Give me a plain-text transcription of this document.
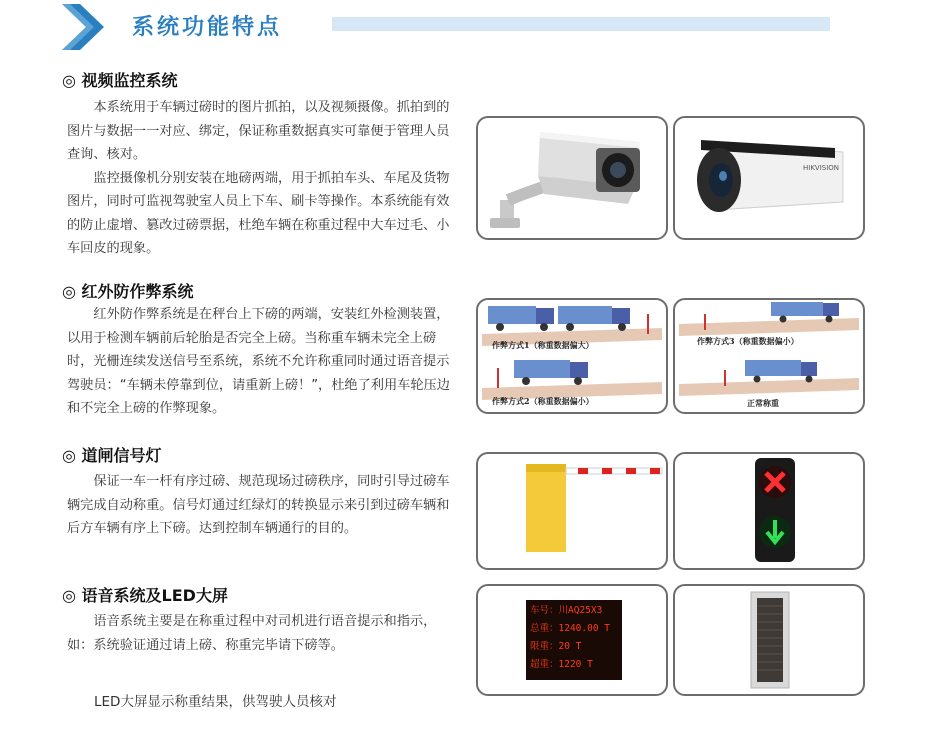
系统功能特点
◎ 视频监控系统
本系统用于车辆过磅时的图片抓拍，以及视频摄像。抓拍到的图片与数据一一对应、绑定，保证称重数据真实可靠便于管理人员查询、核对。
监控摄像机分别安装在地磅两端，用于抓拍车头、车尾及货物图片，同时可监视驾驶室人员上下车、刷卡等操作。本系统能有效的防止虚增、篡改过磅票据，杜绝车辆在称重过程中大车过毛、小车回皮的现象。
◎ 红外防作弊系统
红外防作弊系统是在秤台上下磅的两端，安装红外检测装置，以用于检测车辆前后轮胎是否完全上磅。当称重车辆未完全上磅时，光栅连续发送信号至系统，系统不允许称重同时通过语音提示驾驶员：“车辆未停靠到位，请重新上磅！”，杜绝了利用车轮压边和不完全上磅的作弊现象。
◎ 道闸信号灯
保证一车一杆有序过磅、规范现场过磅秩序，同时引导过磅车辆完成自动称重。信号灯通过红绿灯的转换显示来引到过磅车辆和后方车辆有序上下磅。达到控制车辆通行的目的。
◎ 语音系统及LED大屏
语音系统主要是在称重过程中对司机进行语音提示和指示，如：系统验证通过请上磅、称重完毕请下磅等。
LED大屏显示称重结果，供驾驶人员核对
HIKVISION
作弊方式1（称重数据偏大）
作弊方式2（称重数据偏小）
作弊方式3（称重数据偏小）
正常称重
车号：川AQ25X3
总重：1240.00 T
限重：20 T
超重：1220 T
